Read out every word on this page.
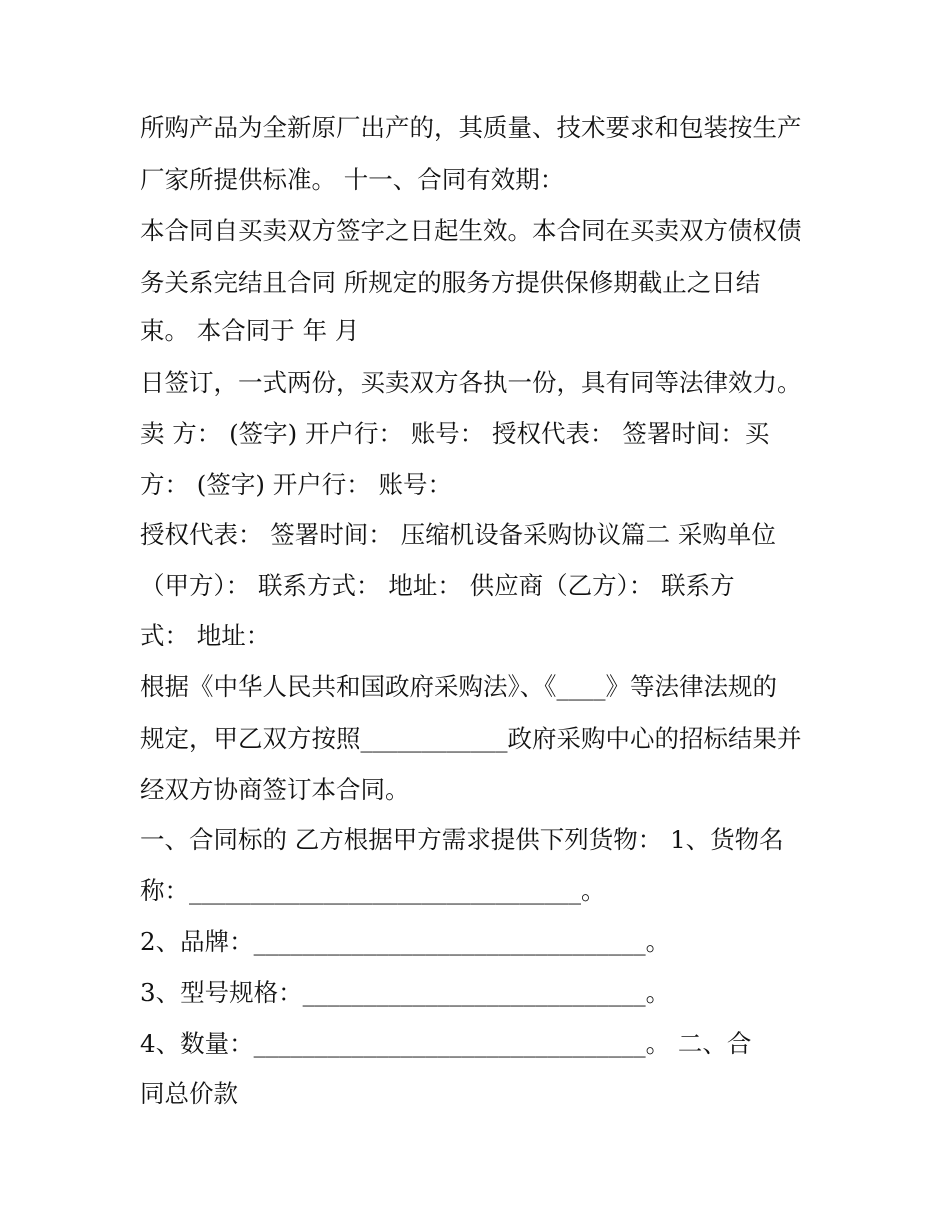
所购产品为全新原厂出产的，其质量、技术要求和包装按生产

厂家所提供标准。 十一、合同有效期：

本合同自买卖双方签字之日起生效。本合同在买卖双方债权债

务关系完结且合同 所规定的服务方提供保修期截止之日结

束。 本合同于 年 月

日签订，一式两份，买卖双方各执一份，具有同等法律效力。

卖 方： (签字) 开户行： 账号： 授权代表： 签署时间：买

方： (签字) 开户行： 账号：

授权代表： 签署时间： 压缩机设备采购协议篇二 采购单位

（甲方）： 联系方式： 地址： 供应商（乙方）： 联系方

式： 地址：

根据《中华人民共和国政府采购法》、《____》等法律法规的

规定，甲乙双方按照____________政府采购中心的招标结果并

经双方协商签订本合同。

一、合同标的 乙方根据甲方需求提供下列货物： 1、货物名

称：________________________________。

2、品牌：________________________________。

3、型号规格：____________________________。

4、数量：________________________________。 二、合

同总价款
